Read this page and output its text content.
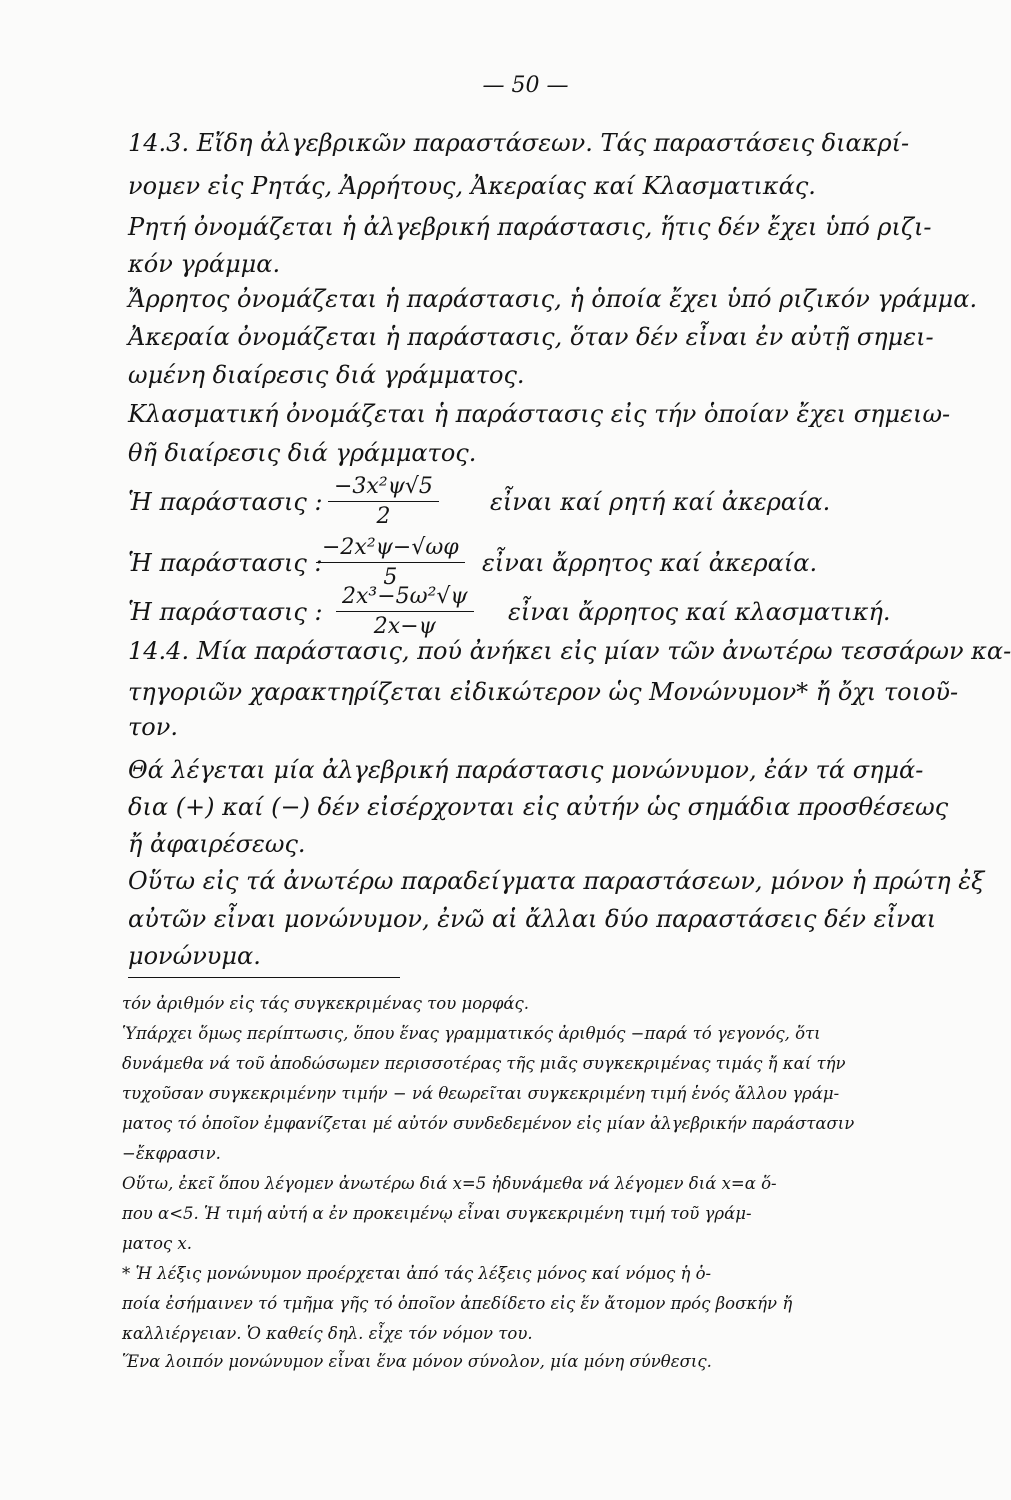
— 50 —
14.3. Εἴδη ἀλγεβρικῶν παραστάσεων. Τάς παραστάσεις διακρί-
νομεν εἰς Ρητάς, Ἀρρήτους, Ἀκεραίας καί Κλασματικάς.
Ρητή ὀνομάζεται ἡ ἀλγεβρική παράστασις, ἥτις δέν ἔχει ὑπό ριζι-
κόν γράμμα.
Ἄρρητος ὀνομάζεται ἡ παράστασις, ἡ ὁποία ἔχει ὑπό ριζικόν γράμμα.
Ἀκεραία ὀνομάζεται ἡ παράστασις, ὅταν δέν εἶναι ἐν αὐτῇ σημει-
ωμένη διαίρεσις διά γράμματος.
Κλασματική ὀνομάζεται ἡ παράστασις εἰς τήν ὁποίαν ἔχει σημειω-
θῆ διαίρεσις διά γράμματος.
Ἡ παράστασις : $\frac{\text{−3x²ψ√5}}{2}$ εἶναι καί ρητή καί ἀκεραία.
Ἡ παράστασις :
$\frac{\text{−2x²ψ−√ωφ}}{5}$ εἶναι ἄρρητος καί ἀκεραία.
Ἡ παράστασις : $\frac{\text{2x³−5ω²√ψ}}{2x-\psi}$ εἶναι ἄρρητος καί κλασματική.
14.4. Μία παράστασις, πού ἀνήκει εἰς μίαν τῶν ἀνωτέρω τεσσάρων κα-
τηγοριῶν χαρακτηρίζεται εἰδικώτερον ὡς Μονώνυμον* ἤ ὄχι τοιοῦ-
τον.
Θά λέγεται μία ἀλγεβρική παράστασις μονώνυμον, ἐάν τά σημά-
δια (+) καί (−) δέν εἰσέρχονται εἰς αὐτήν ὡς σημάδια προσθέσεως
ἤ ἀφαιρέσεως.
Οὕτω εἰς τά ἀνωτέρω παραδείγματα παραστάσεων, μόνον ἡ πρώτη ἐξ
αὐτῶν εἶναι μονώνυμον, ἐνῶ αἱ ἄλλαι δύο παραστάσεις δέν εἶναι
μονώνυμα.
τόν ἀριθμόν εἰς τάς συγκεκριμένας του μορφάς.
Ὑπάρχει ὅμως περίπτωσις, ὅπου ἕνας γραμματικός ἀριθμός −παρά τό γεγονός, ὅτι
δυνάμεθα νά τοῦ ἀποδώσωμεν περισσοτέρας τῆς μιᾶς συγκεκριμένας τιμάς ἤ καί τήν
τυχοῦσαν συγκεκριμένην τιμήν − νά θεωρεῖται συγκεκριμένη τιμή ἑνός ἄλλου γράμ-
ματος τό ὁποῖον ἐμφανίζεται μέ αὐτόν συνδεδεμένον εἰς μίαν ἀλγεβρικήν παράστασιν
−ἔκφρασιν.
Οὕτω, ἐκεῖ ὅπου λέγομεν ἀνωτέρω διά x=5 ἠδυνάμεθα νά λέγομεν διά x=α ὅ-
που α<5. Ἡ τιμή αὐτή α ἐν προκειμένῳ εἶναι συγκεκριμένη τιμή τοῦ γράμ-
ματος x.
* Ἡ λέξις μονώνυμον προέρχεται ἀπό τάς λέξεις μόνος καί νόμος ἡ ὁ-
ποία ἐσήμαινεν τό τμῆμα γῆς τό ὁποῖον ἀπεδίδετο εἰς ἕν ἄτομον πρός βοσκήν ἤ
καλλιέργειαν. Ὁ καθείς δηλ. εἶχε τόν νόμον του.
Ἕνα λοιπόν μονώνυμον εἶναι ἕνα μόνον σύνολον, μία μόνη σύνθεσις.
